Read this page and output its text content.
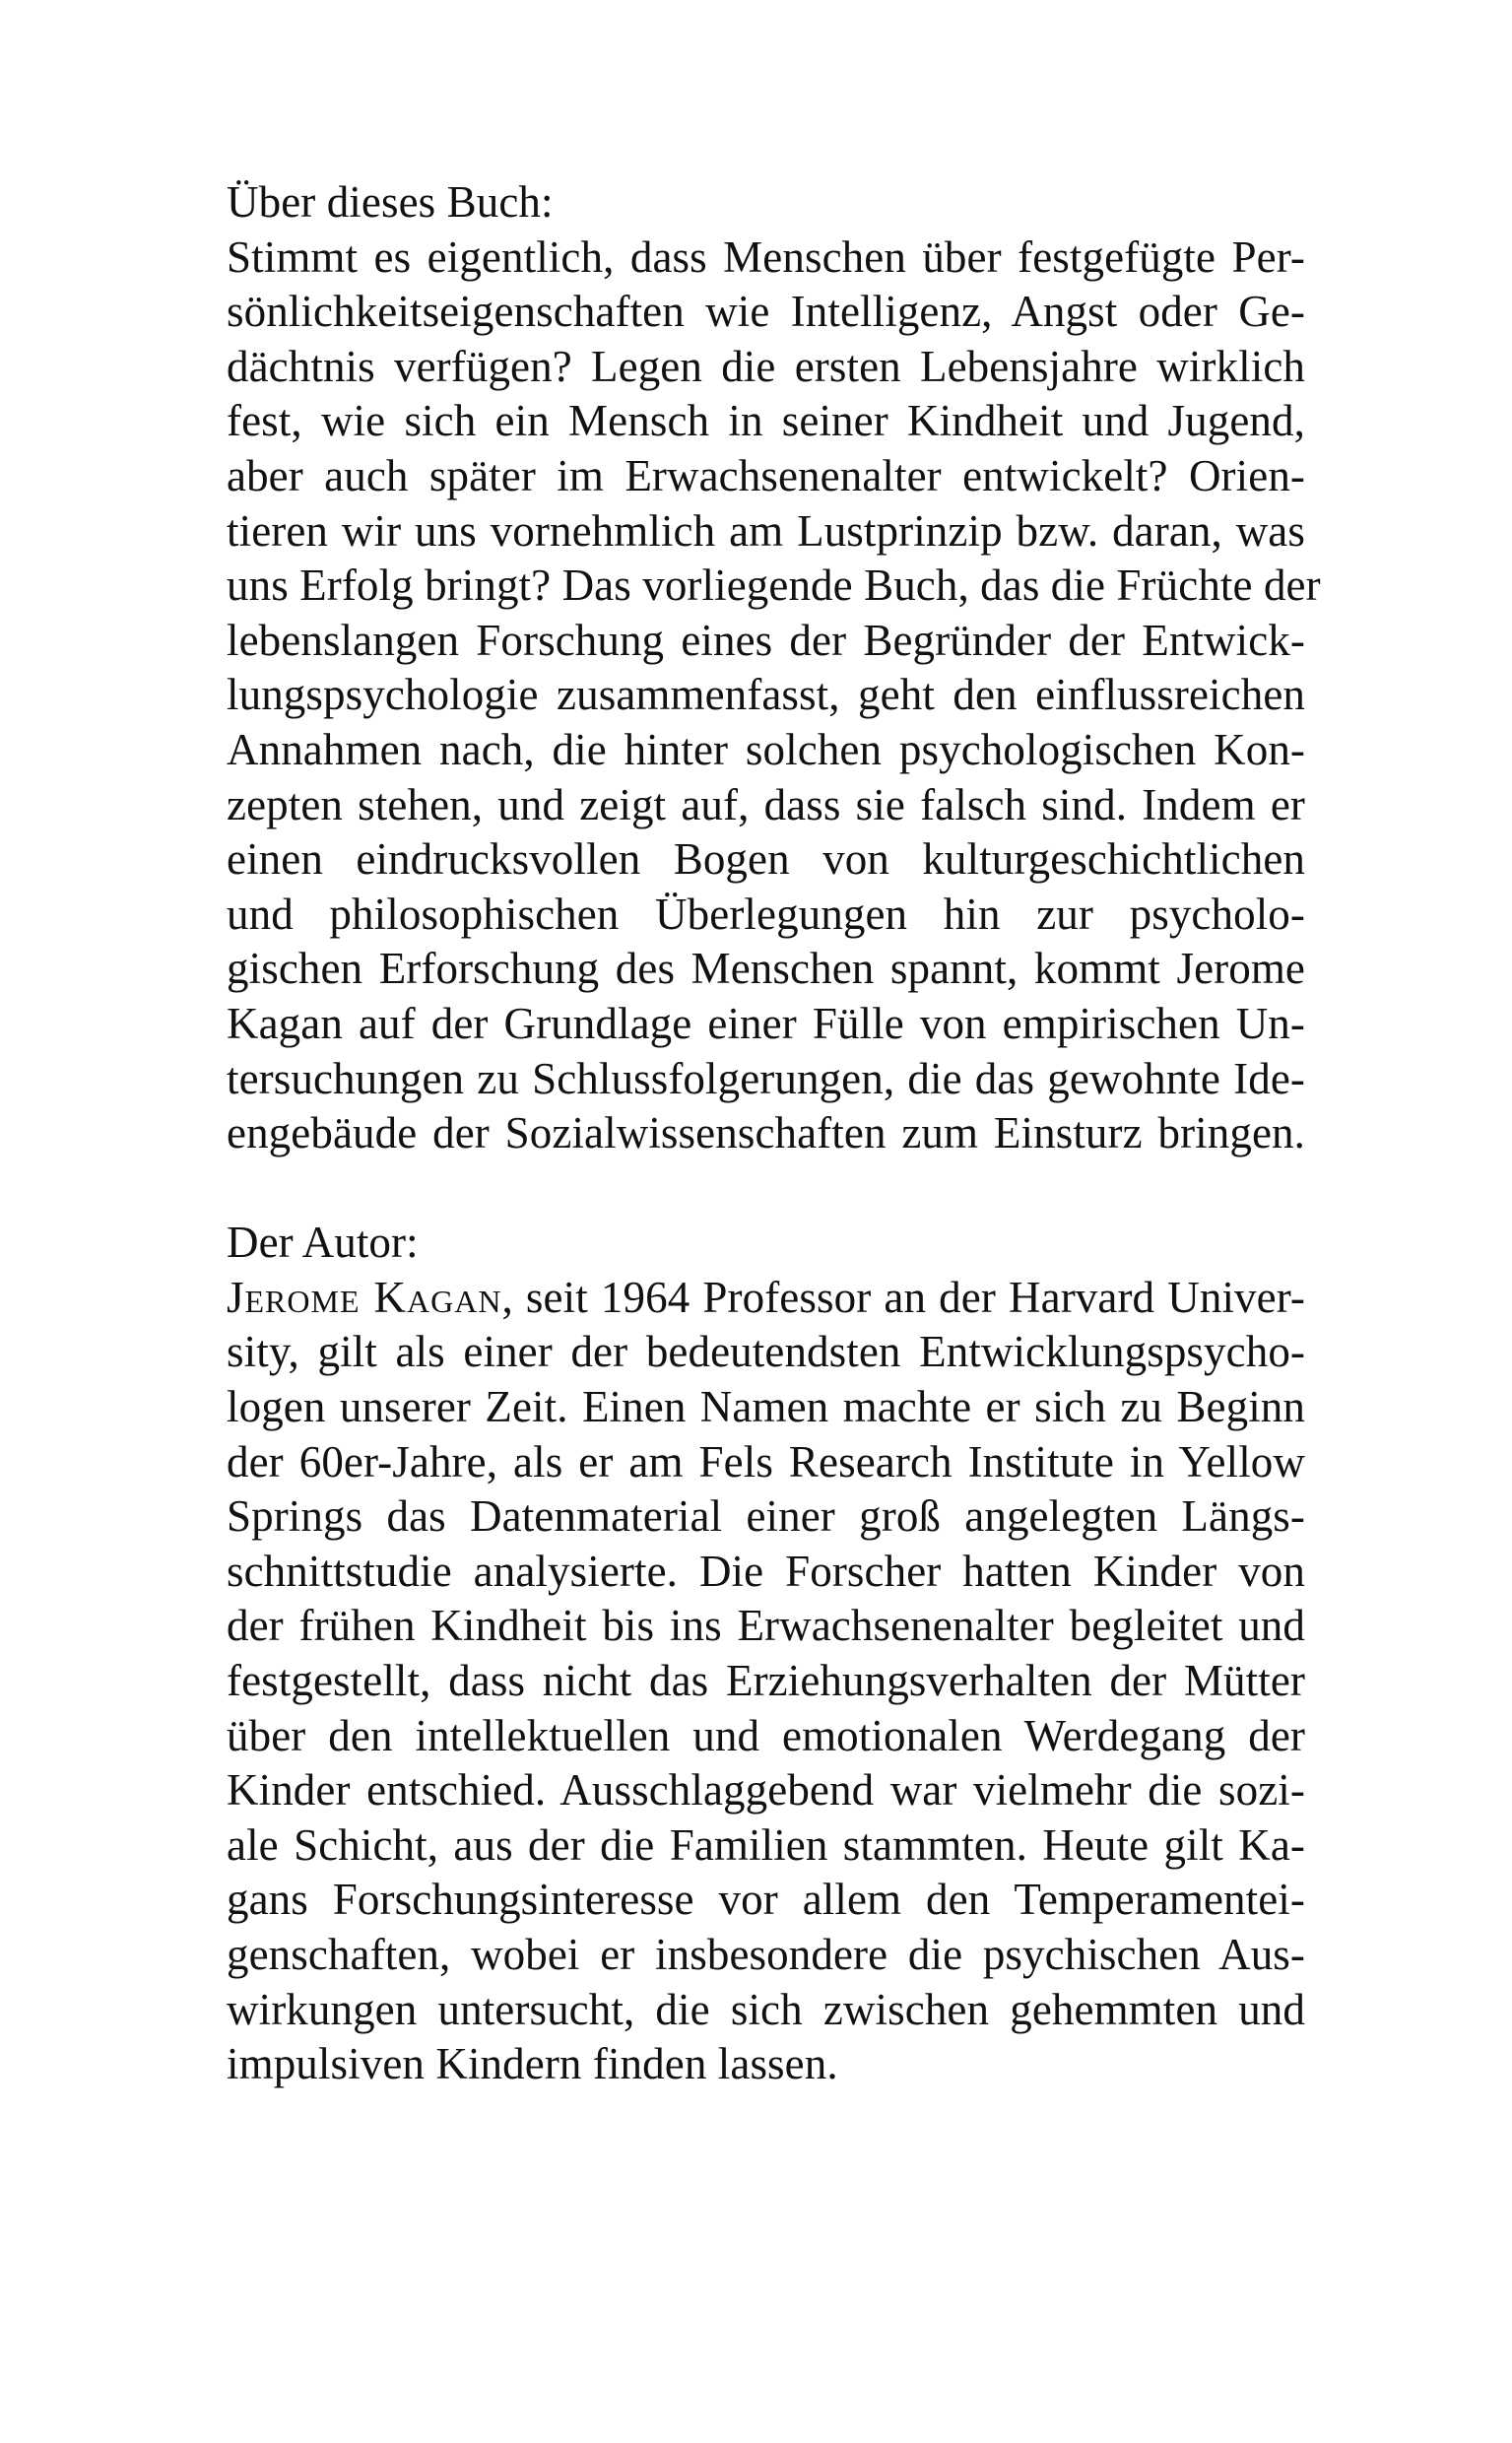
Über dieses Buch:
Stimmt es eigentlich, dass Menschen über festgefügte Per-
sönlichkeitseigenschaften wie Intelligenz, Angst oder Ge-
dächtnis verfügen? Legen die ersten Lebensjahre wirklich
fest, wie sich ein Mensch in seiner Kindheit und Jugend,
aber auch später im Erwachsenenalter entwickelt? Orien-
tieren wir uns vornehmlich am Lustprinzip bzw. daran, was
uns Erfolg bringt? Das vorliegende Buch, das die Früchte der
lebenslangen Forschung eines der Begründer der Entwick-
lungspsychologie zusammenfasst, geht den einflussreichen
Annahmen nach, die hinter solchen psychologischen Kon-
zepten stehen, und zeigt auf, dass sie falsch sind. Indem er
einen eindrucksvollen Bogen von kulturgeschichtlichen
und philosophischen Überlegungen hin zur psycholo-
gischen Erforschung des Menschen spannt, kommt Jerome
Kagan auf der Grundlage einer Fülle von empirischen Un-
tersuchungen zu Schlussfolgerungen, die das gewohnte Ide-
engebäude der Sozialwissenschaften zum Einsturz bringen.
Der Autor:
Jerome Kagan, seit 1964 Professor an der Harvard Univer-
sity, gilt als einer der bedeutendsten Entwicklungspsycho-
logen unserer Zeit. Einen Namen machte er sich zu Beginn
der 60er-Jahre, als er am Fels Research Institute in Yellow
Springs das Datenmaterial einer groß angelegten Längs-
schnittstudie analysierte. Die Forscher hatten Kinder von
der frühen Kindheit bis ins Erwachsenenalter begleitet und
festgestellt, dass nicht das Erziehungsverhalten der Mütter
über den intellektuellen und emotionalen Werdegang der
Kinder entschied. Ausschlaggebend war vielmehr die sozi-
ale Schicht, aus der die Familien stammten. Heute gilt Ka-
gans Forschungsinteresse vor allem den Temperamentei-
genschaften, wobei er insbesondere die psychischen Aus-
wirkungen untersucht, die sich zwischen gehemmten und
impulsiven Kindern finden lassen.
